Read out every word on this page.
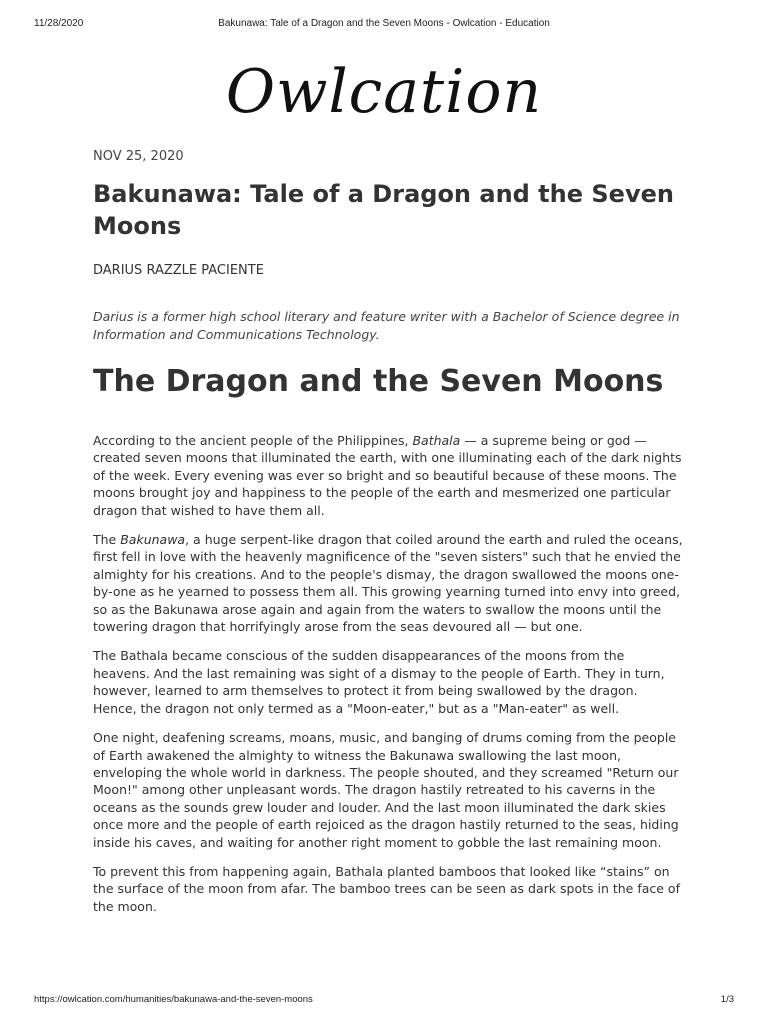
11/28/2020	Bakunawa: Tale of a Dragon and the Seven Moons - Owlcation - Education
Owlcation

NOV 25, 2020

Bakunawa: Tale of a Dragon and the Seven Moons

DARIUS RAZZLE PACIENTE

Darius is a former high school literary and feature writer with a Bachelor of Science degree in Information and Communications Technology.

The Dragon and the Seven Moons

According to the ancient people of the Philippines, Bathala — a supreme being or god — created seven moons that illuminated the earth, with one illuminating each of the dark nights of the week. Every evening was ever so bright and so beautiful because of these moons. The moons brought joy and happiness to the people of the earth and mesmerized one particular dragon that wished to have them all.

The Bakunawa, a huge serpent-like dragon that coiled around the earth and ruled the oceans, first fell in love with the heavenly magnificence of the "seven sisters" such that he envied the almighty for his creations. And to the people's dismay, the dragon swallowed the moons one-by-one as he yearned to possess them all. This growing yearning turned into envy into greed, so as the Bakunawa arose again and again from the waters to swallow the moons until the towering dragon that horrifyingly arose from the seas devoured all — but one.

The Bathala became conscious of the sudden disappearances of the moons from the heavens. And the last remaining was sight of a dismay to the people of Earth. They in turn, however, learned to arm themselves to protect it from being swallowed by the dragon. Hence, the dragon not only termed as a "Moon-eater," but as a "Man-eater" as well.

One night, deafening screams, moans, music, and banging of drums coming from the people of Earth awakened the almighty to witness the Bakunawa swallowing the last moon, enveloping the whole world in darkness. The people shouted, and they screamed "Return our Moon!" among other unpleasant words. The dragon hastily retreated to his caverns in the oceans as the sounds grew louder and louder. And the last moon illuminated the dark skies once more and the people of earth rejoiced as the dragon hastily returned to the seas, hiding inside his caves, and waiting for another right moment to gobble the last remaining moon.

To prevent this from happening again, Bathala planted bamboos that looked like “stains” on the surface of the moon from afar. The bamboo trees can be seen as dark spots in the face of the moon.

https://owlcation.com/humanities/bakunawa-and-the-seven-moons	1/3
